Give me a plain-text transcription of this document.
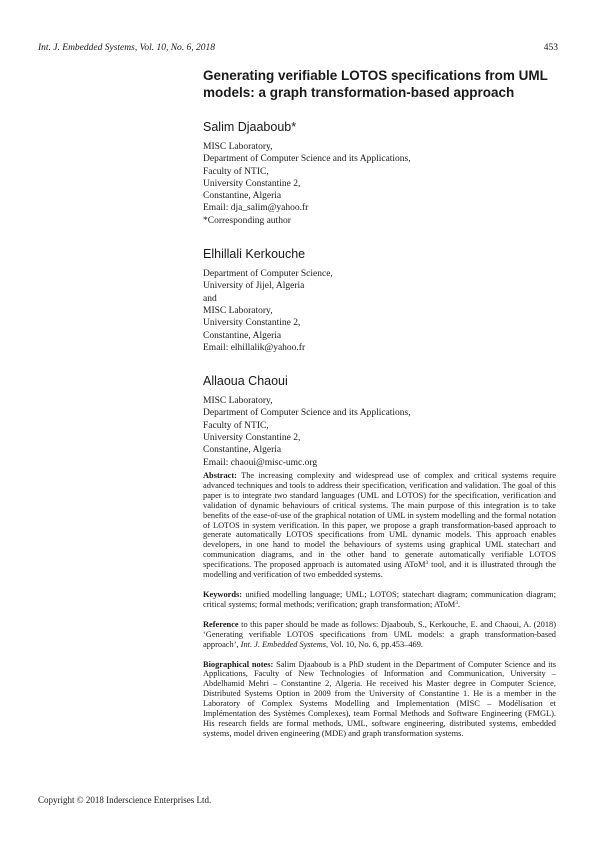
Int. J. Embedded Systems, Vol. 10, No. 6, 2018	453
Generating verifiable LOTOS specifications from UML models: a graph transformation-based approach
Salim Djaaboub*
MISC Laboratory,
Department of Computer Science and its Applications,
Faculty of NTIC,
University Constantine 2,
Constantine, Algeria
Email: dja_salim@yahoo.fr
*Corresponding author
Elhillali Kerkouche
Department of Computer Science,
University of Jijel, Algeria
and
MISC Laboratory,
University Constantine 2,
Constantine, Algeria
Email: elhillalik@yahoo.fr
Allaoua Chaoui
MISC Laboratory,
Department of Computer Science and its Applications,
Faculty of NTIC,
University Constantine 2,
Constantine, Algeria
Email: chaoui@misc-umc.org

Abstract: The increasing complexity and widespread use of complex and critical systems require advanced techniques and tools to address their specification, verification and validation. The goal of this paper is to integrate two standard languages (UML and LOTOS) for the specification, verification and validation of dynamic behaviours of critical systems. The main purpose of this integration is to take benefits of the ease-of-use of the graphical notation of UML in system modelling and the formal notation of LOTOS in system verification. In this paper, we propose a graph transformation-based approach to generate automatically LOTOS specifications from UML dynamic models. This approach enables developers, in one hand to model the behaviours of systems using graphical UML statechart and communication diagrams, and in the other hand to generate automatically verifiable LOTOS specifications. The proposed approach is automated using AToM$^3$ tool, and it is illustrated through the modelling and verification of two embedded systems.

Keywords: unified modelling language; UML; LOTOS; statechart diagram; communication diagram; critical systems; formal methods; verification; graph transformation; AToM$^3$.

Reference to this paper should be made as follows: Djaaboub, S., Kerkouche, E. and Chaoui, A. (2018) ‘Generating verifiable LOTOS specifications from UML models: a graph transformation-based approach’, Int. J. Embedded Systems, Vol. 10, No. 6, pp.453–469.

Biographical notes: Salim Djaaboub is a PhD student in the Department of Computer Science and its Applications, Faculty of New Technologies of Information and Communication, University – Abdelhamid Mehri – Constantine 2, Algeria. He received his Master degree in Computer Science, Distributed Systems Option in 2009 from the University of Constantine 1. He is a member in the Laboratory of Complex Systems Modelling and Implementation (MISC – Modélisation et Implémentation des Systèmes Complexes), team Formal Methods and Software Engineering (FMGL). His research fields are formal methods, UML, software engineering, distributed systems, embedded systems, model driven engineering (MDE) and graph transformation systems.

Copyright © 2018 Inderscience Enterprises Ltd.
